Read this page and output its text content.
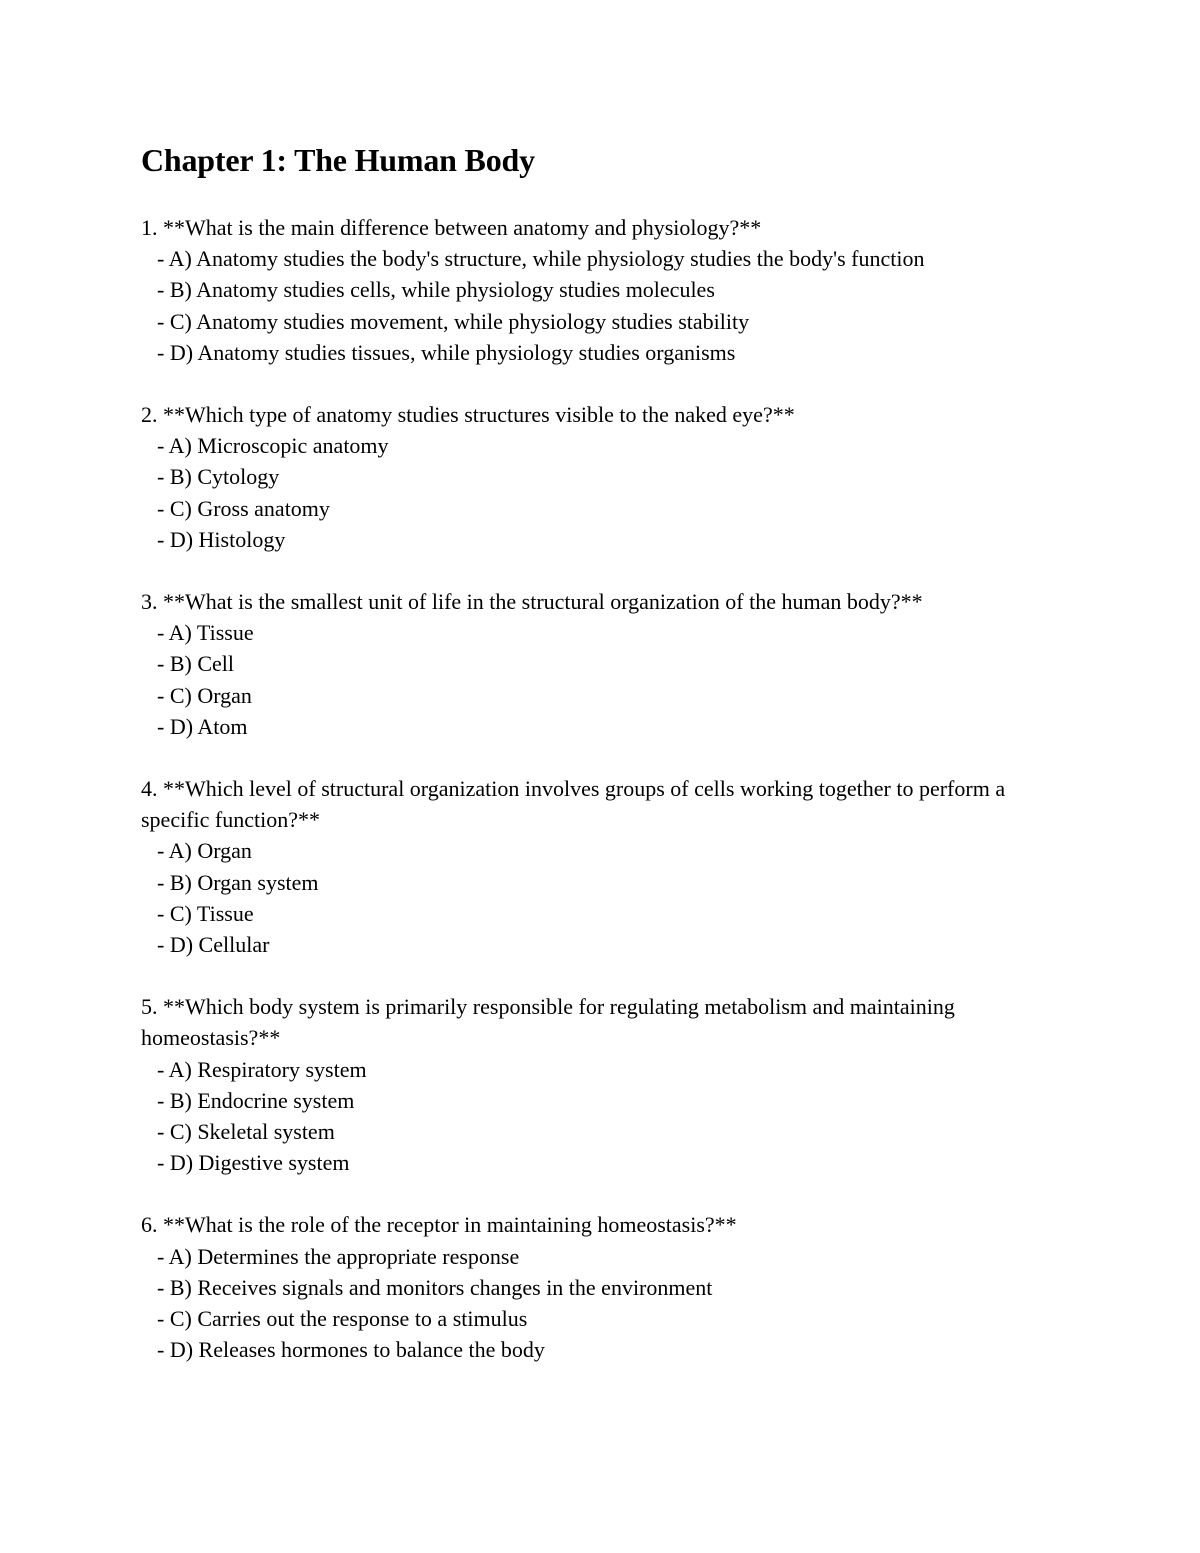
Chapter 1: The Human Body

1. **What is the main difference between anatomy and physiology?**

- A) Anatomy studies the body's structure, while physiology studies the body's function

- B) Anatomy studies cells, while physiology studies molecules

- C) Anatomy studies movement, while physiology studies stability

- D) Anatomy studies tissues, while physiology studies organisms

2. **Which type of anatomy studies structures visible to the naked eye?**

- A) Microscopic anatomy

- B) Cytology

- C) Gross anatomy

- D) Histology

3. **What is the smallest unit of life in the structural organization of the human body?**

- A) Tissue

- B) Cell

- C) Organ

- D) Atom

4. **Which level of structural organization involves groups of cells working together to perform a specific function?**

- A) Organ

- B) Organ system

- C) Tissue

- D) Cellular

5. **Which body system is primarily responsible for regulating metabolism and maintaining homeostasis?**

- A) Respiratory system

- B) Endocrine system

- C) Skeletal system

- D) Digestive system

6. **What is the role of the receptor in maintaining homeostasis?**

- A) Determines the appropriate response

- B) Receives signals and monitors changes in the environment

- C) Carries out the response to a stimulus

- D) Releases hormones to balance the body
